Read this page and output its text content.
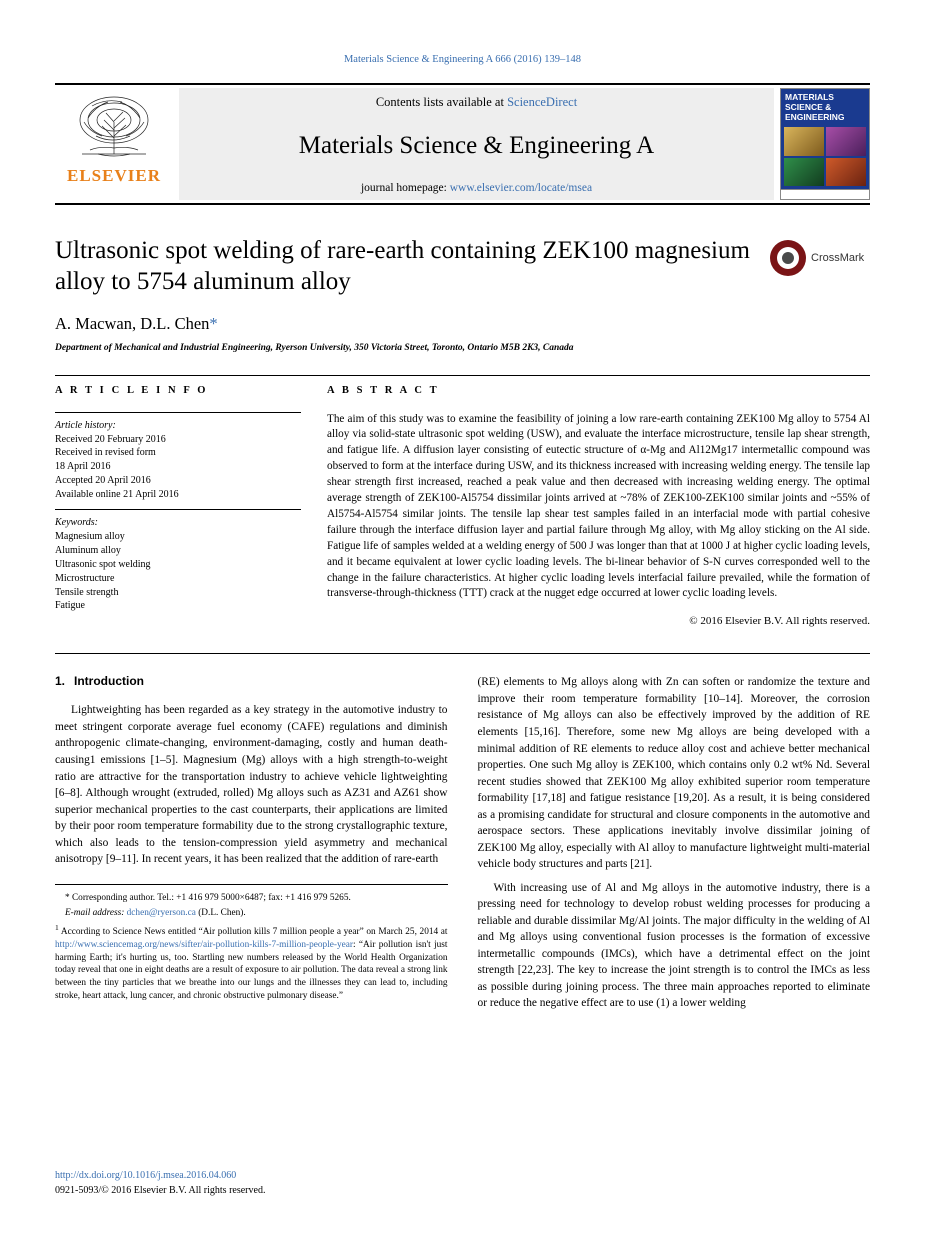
Materials Science & Engineering A 666 (2016) 139–148
ELSEVIER
Contents lists available at ScienceDirect
Materials Science & Engineering A
journal homepage: www.elsevier.com/locate/msea
MATERIALS SCIENCE & ENGINEERING
Ultrasonic spot welding of rare-earth containing ZEK100 magnesium alloy to 5754 aluminum alloy
CrossMark
A. Macwan, D.L. Chen*
Department of Mechanical and Industrial Engineering, Ryerson University, 350 Victoria Street, Toronto, Ontario M5B 2K3, Canada
A R T I C L E I N F O
Article history:
Received 20 February 2016
Received in revised form
18 April 2016
Accepted 20 April 2016
Available online 21 April 2016
Keywords:
Magnesium alloy
Aluminum alloy
Ultrasonic spot welding
Microstructure
Tensile strength
Fatigue
A B S T R A C T
The aim of this study was to examine the feasibility of joining a low rare-earth containing ZEK100 Mg alloy to 5754 Al alloy via solid-state ultrasonic spot welding (USW), and evaluate the interface microstructure, tensile lap shear strength, and fatigue life. A diffusion layer consisting of eutectic structure of α-Mg and Al12Mg17 intermetallic compound was observed to form at the interface during USW, and its thickness increased with increasing welding energy. The tensile lap shear strength first increased, reached a peak value and then decreased with increasing welding energy. The optimal average strength of ZEK100-Al5754 dissimilar joints arrived at ~78% of ZEK100-ZEK100 similar joints and ~55% of Al5754-Al5754 similar joints. The tensile lap shear test samples failed in an interfacial mode with partial cohesive failure through the interface diffusion layer and partial failure through Mg alloy, with Mg alloy sticking on the Al side. Fatigue life of samples welded at a welding energy of 500 J was longer than that at 1000 J at higher cyclic loading levels, and it became equivalent at lower cyclic loading levels. The bi-linear behavior of S-N curves corresponded well to the change in the failure characteristics. At higher cyclic loading levels interfacial failure prevailed, while the formation of transverse-through-thickness (TTT) crack at the nugget edge occurred at lower cyclic loading levels.
© 2016 Elsevier B.V. All rights reserved.
1. Introduction

Lightweighting has been regarded as a key strategy in the automotive industry to meet stringent corporate average fuel economy (CAFE) regulations and diminish anthropogenic climate-changing, environment-damaging, costly and human death-causing1 emissions [1–5]. Magnesium (Mg) alloys with a high strength-to-weight ratio are attractive for the transportation industry to achieve vehicle lightweighting [6–8]. Although wrought (extruded, rolled) Mg alloys such as AZ31 and AZ61 show superior mechanical properties to the cast counterparts, their applications are limited by their poor room temperature formability due to the strong crystallographic texture, which also leads to the tension-compression yield asymmetry and mechanical anisotropy [9–11]. In recent years, it has been realized that the addition of rare-earth

* Corresponding author. Tel.: +1 416 979 5000×6487; fax: +1 416 979 5265.

E-mail address: dchen@ryerson.ca (D.L. Chen).

$^1$ According to Science News entitled “Air pollution kills 7 million people a year” on March 25, 2014 at http://www.sciencemag.org/news/sifter/air-pollution-kills-7-million-people-year: “Air pollution isn't just harming Earth; it's hurting us, too. Startling new numbers released by the World Health Organization today reveal that one in eight deaths are a result of exposure to air pollution. The data reveal a strong link between the tiny particles that we breathe into our lungs and the illnesses they can lead to, including stroke, heart attack, lung cancer, and chronic obstructive pulmonary disease.”

(RE) elements to Mg alloys along with Zn can soften or randomize the texture and improve their room temperature formability [10–14]. Moreover, the corrosion resistance of Mg alloys can also be effectively improved by the addition of RE elements [15,16]. Therefore, some new Mg alloys are being developed with a minimal addition of RE elements to reduce alloy cost and achieve better mechanical properties. One such Mg alloy is ZEK100, which contains only 0.2 wt% Nd. Several recent studies showed that ZEK100 Mg alloy exhibited superior room temperature formability [17,18] and fatigue resistance [19,20]. As a result, it is being considered as a promising candidate for structural and closure components in the automotive and aerospace sectors. These applications inevitably involve dissimilar joining of ZEK100 Mg alloy, especially with Al alloy to manufacture lightweight multi-material vehicle body structures and parts [21].

With increasing use of Al and Mg alloys in the automotive industry, there is a pressing need for technology to develop robust welding processes for producing a reliable and durable dissimilar Mg/Al joints. The major difficulty in the welding of Al and Mg alloys using conventional fusion processes is the formation of excessive intermetallic compounds (IMCs), which have a detrimental effect on the joint strength [22,23]. The key to increase the joint strength is to control the IMCs as less as possible during joining process. The three main approaches reported to eliminate or reduce the negative effect are to use (1) a lower welding

http://dx.doi.org/10.1016/j.msea.2016.04.060
0921-5093/© 2016 Elsevier B.V. All rights reserved.
